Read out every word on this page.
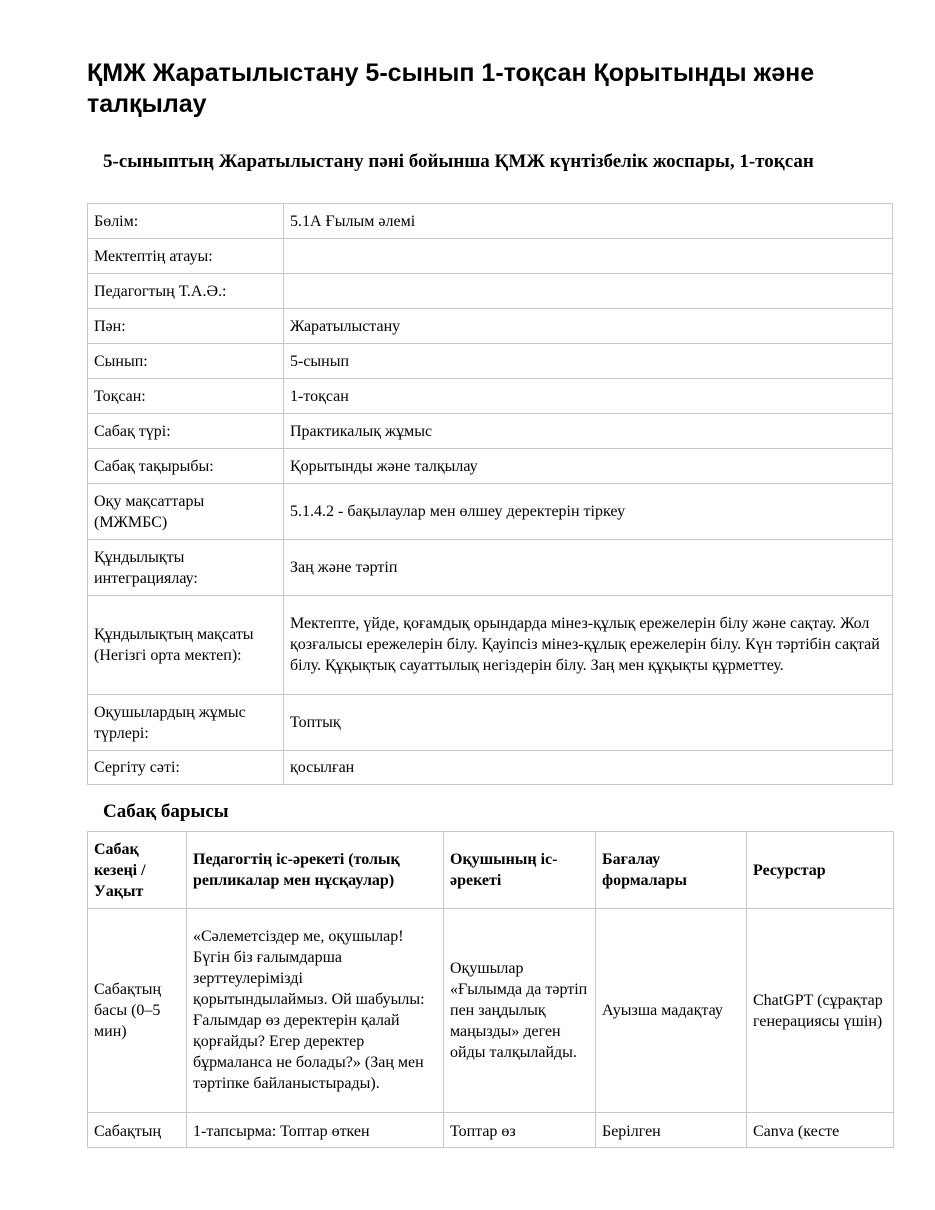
ҚМЖ Жаратылыстану 5-сынып 1-тоқсан Қорытынды және талқылау
5-сыныптың Жаратылыстану пәні бойынша ҚМЖ күнтізбелік жоспары, 1-тоқсан
Бөлім:	5.1А Ғылым әлемі
Мектептің атауы:	
Педагогтың Т.А.Ә.:	
Пән:	Жаратылыстану
Сынып:	5-сынып
Тоқсан:	1-тоқсан
Сабақ түрі:	Практикалық жұмыс
Сабақ тақырыбы:	Қорытынды және талқылау
Оқу мақсаттары (МЖМБС)	5.1.4.2 - бақылаулар мен өлшеу деректерін тіркеу
Құндылықты интеграциялау:	Заң және тәртіп
Құндылықтың мақсаты (Негізгі орта мектеп):	Мектепте, үйде, қоғамдық орындарда мінез-құлық ережелерін білу және сақтау. Жол қозғалысы ережелерін білу. Қауіпсіз мінез-құлық ережелерін білу. Күн тәртібін сақтай білу. Құқықтық сауаттылық негіздерін білу. Заң мен құқықты құрметтеу.
Оқушылардың жұмыс түрлері:	Топтық
Сергіту сәті:	қосылған
Сабақ барысы
Сабақ кезеңі / Уақыт	Педагогтің іс-әрекеті (толық репликалар мен нұсқаулар)	Оқушының іс-әрекеті	Бағалау формалары	Ресурстар
Сабақтың басы (0–5 мин)	«Сәлеметсіздер ме, оқушылар! Бүгін біз ғалымдарша зерттеулерімізді қорытындылаймыз. Ой шабуылы: Ғалымдар өз деректерін қалай қорғайды? Егер деректер бұрмаланса не болады?» (Заң мен тәртіпке байланыстырады).	Оқушылар «Ғылымда да тәртіп пен заңдылық маңызды» деген ойды талқылайды.	Ауызша мадақтау	ChatGPT (сұрақтар генерациясы үшін)
Сабақтың	1-тапсырма: Топтар өткен	Топтар өз	Берілген	Canva (кесте
